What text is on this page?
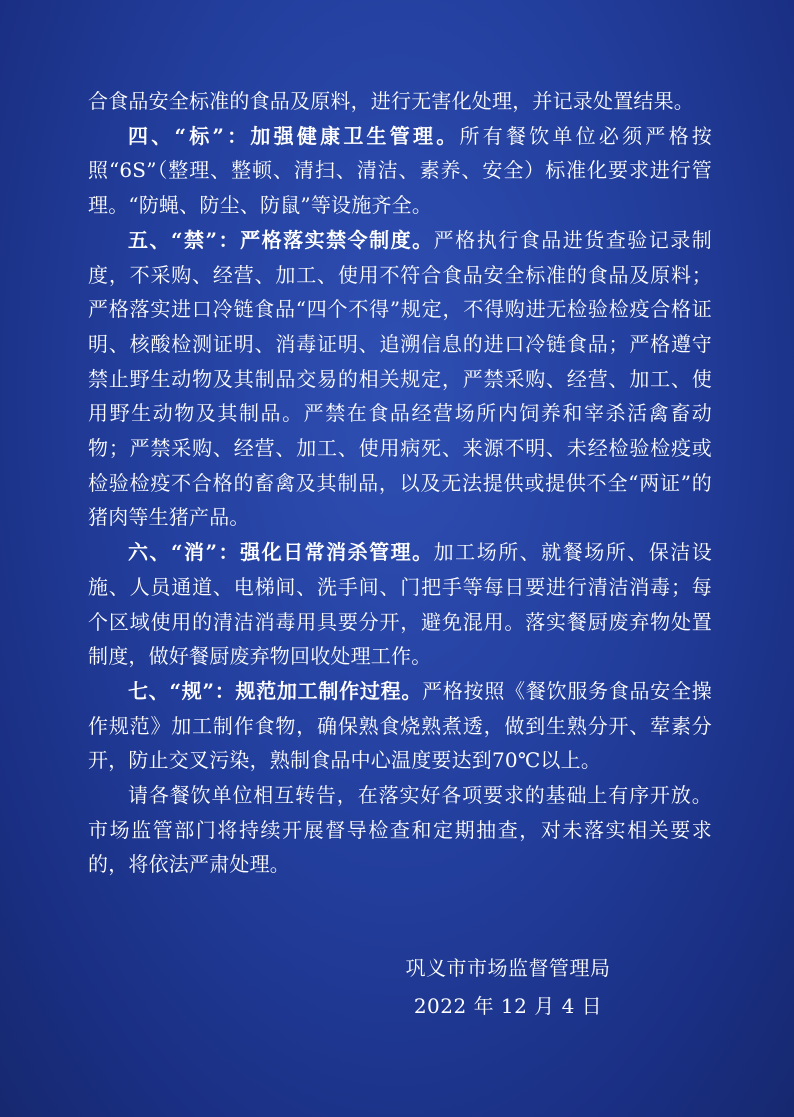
合食品安全标准的食品及原料，进行无害化处理，并记录处置结果。

四、“标”：加强健康卫生管理。所有餐饮单位必须严格按照“6S”（整理、整顿、清扫、清洁、素养、安全）标准化要求进行管理。“防蝇、防尘、防鼠”等设施齐全。

五、“禁”：严格落实禁令制度。严格执行食品进货查验记录制度，不采购、经营、加工、使用不符合食品安全标准的食品及原料；严格落实进口冷链食品“四个不得”规定，不得购进无检验检疫合格证明、核酸检测证明、消毒证明、追溯信息的进口冷链食品；严格遵守禁止野生动物及其制品交易的相关规定，严禁采购、经营、加工、使用野生动物及其制品。严禁在食品经营场所内饲养和宰杀活禽畜动物；严禁采购、经营、加工、使用病死、来源不明、未经检验检疫或检验检疫不合格的畜禽及其制品，以及无法提供或提供不全“两证”的猪肉等生猪产品。

六、“消”：强化日常消杀管理。加工场所、就餐场所、保洁设施、人员通道、电梯间、洗手间、门把手等每日要进行清洁消毒；每个区域使用的清洁消毒用具要分开，避免混用。落实餐厨废弃物处置制度，做好餐厨废弃物回收处理工作。

七、“规”：规范加工制作过程。严格按照《餐饮服务食品安全操作规范》加工制作食物，确保熟食烧熟煮透，做到生熟分开、荤素分开，防止交叉污染，熟制食品中心温度要达到70℃以上。

请各餐饮单位相互转告，在落实好各项要求的基础上有序开放。市场监管部门将持续开展督导检查和定期抽查，对未落实相关要求的，将依法严肃处理。

巩义市市场监督管理局
2022 年 12 月 4 日
